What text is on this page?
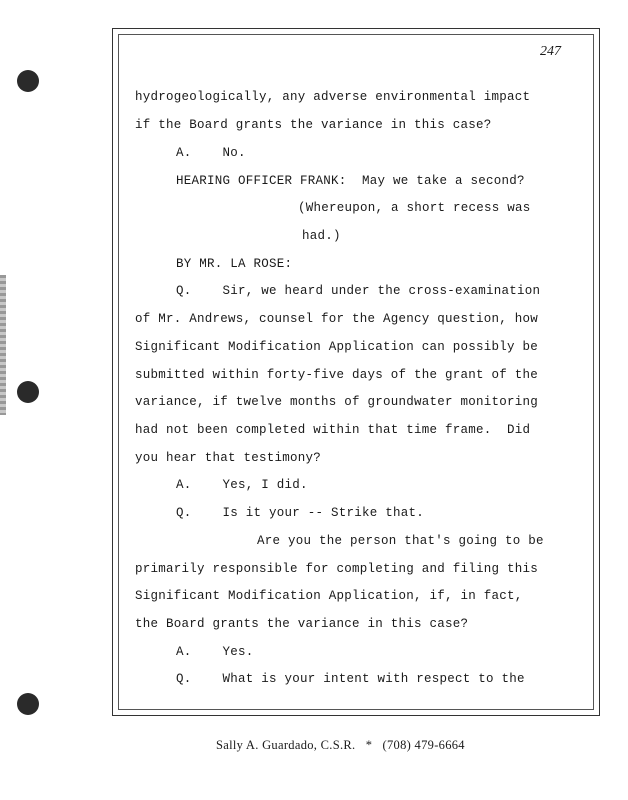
247
hydrogeologically, any adverse environmental impact
if the Board grants the variance in this case?
A.    No.
HEARING OFFICER FRANK:  May we take a second?
(Whereupon, a short recess was
had.)
BY MR. LA ROSE:
Q.    Sir, we heard under the cross-examination
of Mr. Andrews, counsel for the Agency question, how
Significant Modification Application can possibly be
submitted within forty-five days of the grant of the
variance, if twelve months of groundwater monitoring
had not been completed within that time frame.  Did
you hear that testimony?
A.    Yes, I did.
Q.    Is it your -- Strike that.
Are you the person that's going to be
primarily responsible for completing and filing this
Significant Modification Application, if, in fact,
the Board grants the variance in this case?
A.    Yes.
Q.    What is your intent with respect to the
Sally A. Guardado, C.S.R.   *   (708) 479-6664
